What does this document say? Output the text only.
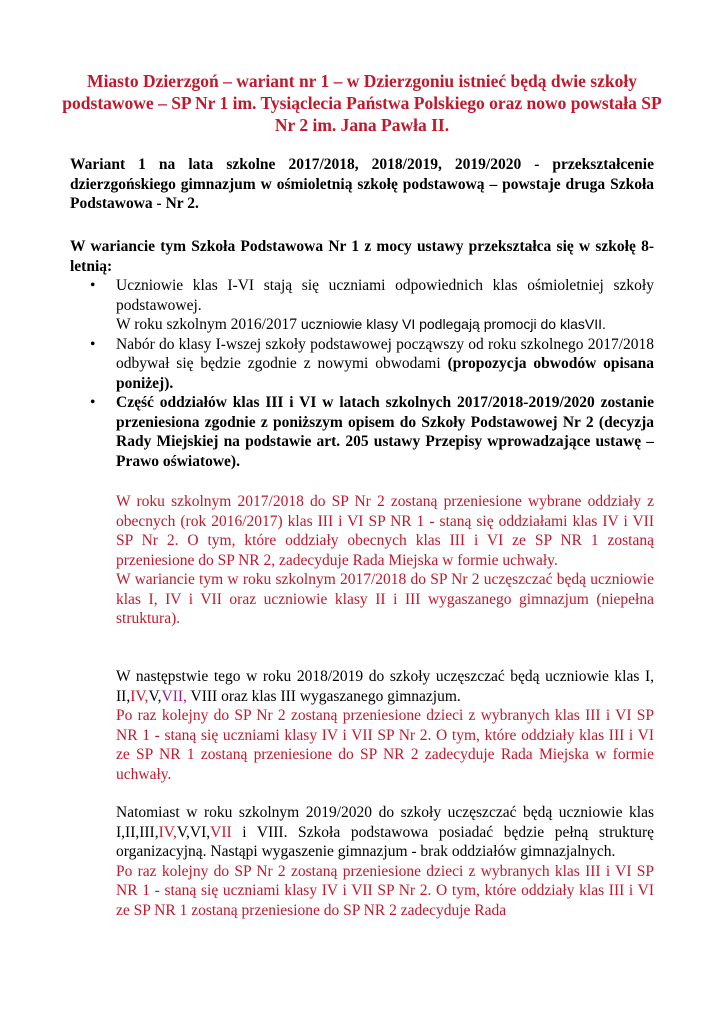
Miasto Dzierzgoń – wariant nr 1 – w Dzierzgoniu istnieć będą dwie szkoły podstawowe – SP Nr 1 im. Tysiąclecia Państwa Polskiego oraz nowo powstała SP Nr 2 im. Jana Pawła II.
Wariant 1 na lata szkolne 2017/2018, 2018/2019, 2019/2020 - przekształcenie dzierzgońskiego gimnazjum w ośmioletnią szkołę podstawową – powstaje druga Szkoła Podstawowa - Nr 2.
W wariancie tym Szkoła Podstawowa Nr 1 z mocy ustawy przekształca się w szkołę 8-letnią:
• Uczniowie klas I-VI stają się uczniami odpowiednich klas ośmioletniej szkoły podstawowej.
W roku szkolnym 2016/2017 uczniowie klasy VI podlegają promocji do klasVII.
• Nabór do klasy I-wszej szkoły podstawowej począwszy od roku szkolnego 2017/2018 odbywał się będzie zgodnie z nowymi obwodami (propozycja obwodów opisana poniżej).
• Część oddziałów klas III i VI w latach szkolnych 2017/2018-2019/2020 zostanie przeniesiona zgodnie z poniższym opisem do Szkoły Podstawowej Nr 2 (decyzja Rady Miejskiej na podstawie art. 205 ustawy Przepisy wprowadzające ustawę – Prawo oświatowe).
W roku szkolnym 2017/2018 do SP Nr 2 zostaną przeniesione wybrane oddziały z obecnych (rok 2016/2017) klas III i VI SP NR 1 - staną się oddziałami klas IV i VII SP Nr 2. O tym, które oddziały obecnych klas III i VI ze SP NR 1 zostaną przeniesione do SP NR 2, zadecyduje Rada Miejska w formie uchwały.
W wariancie tym w roku szkolnym 2017/2018 do SP Nr 2 uczęszczać będą uczniowie klas I, IV i VII oraz uczniowie klasy II i III wygaszanego gimnazjum (niepełna struktura).
W następstwie tego w roku 2018/2019 do szkoły uczęszczać będą uczniowie klas I, II,IV,V,VII, VIII oraz klas III wygaszanego gimnazjum.
Po raz kolejny do SP Nr 2 zostaną przeniesione dzieci z wybranych klas III i VI SP NR 1 - staną się uczniami klasy IV i VII SP Nr 2. O tym, które oddziały klas III i VI ze SP NR 1 zostaną przeniesione do SP NR 2 zadecyduje Rada Miejska w formie uchwały.
Natomiast w roku szkolnym 2019/2020 do szkoły uczęszczać będą uczniowie klas I,II,III,IV,V,VI,VII i VIII. Szkoła podstawowa posiadać będzie pełną strukturę organizacyjną. Nastąpi wygaszenie gimnazjum - brak oddziałów gimnazjalnych.
Po raz kolejny do SP Nr 2 zostaną przeniesione dzieci z wybranych klas III i VI SP NR 1 - staną się uczniami klasy IV i VII SP Nr 2. O tym, które oddziały klas III i VI ze SP NR 1 zostaną przeniesione do SP NR 2 zadecyduje Rada
